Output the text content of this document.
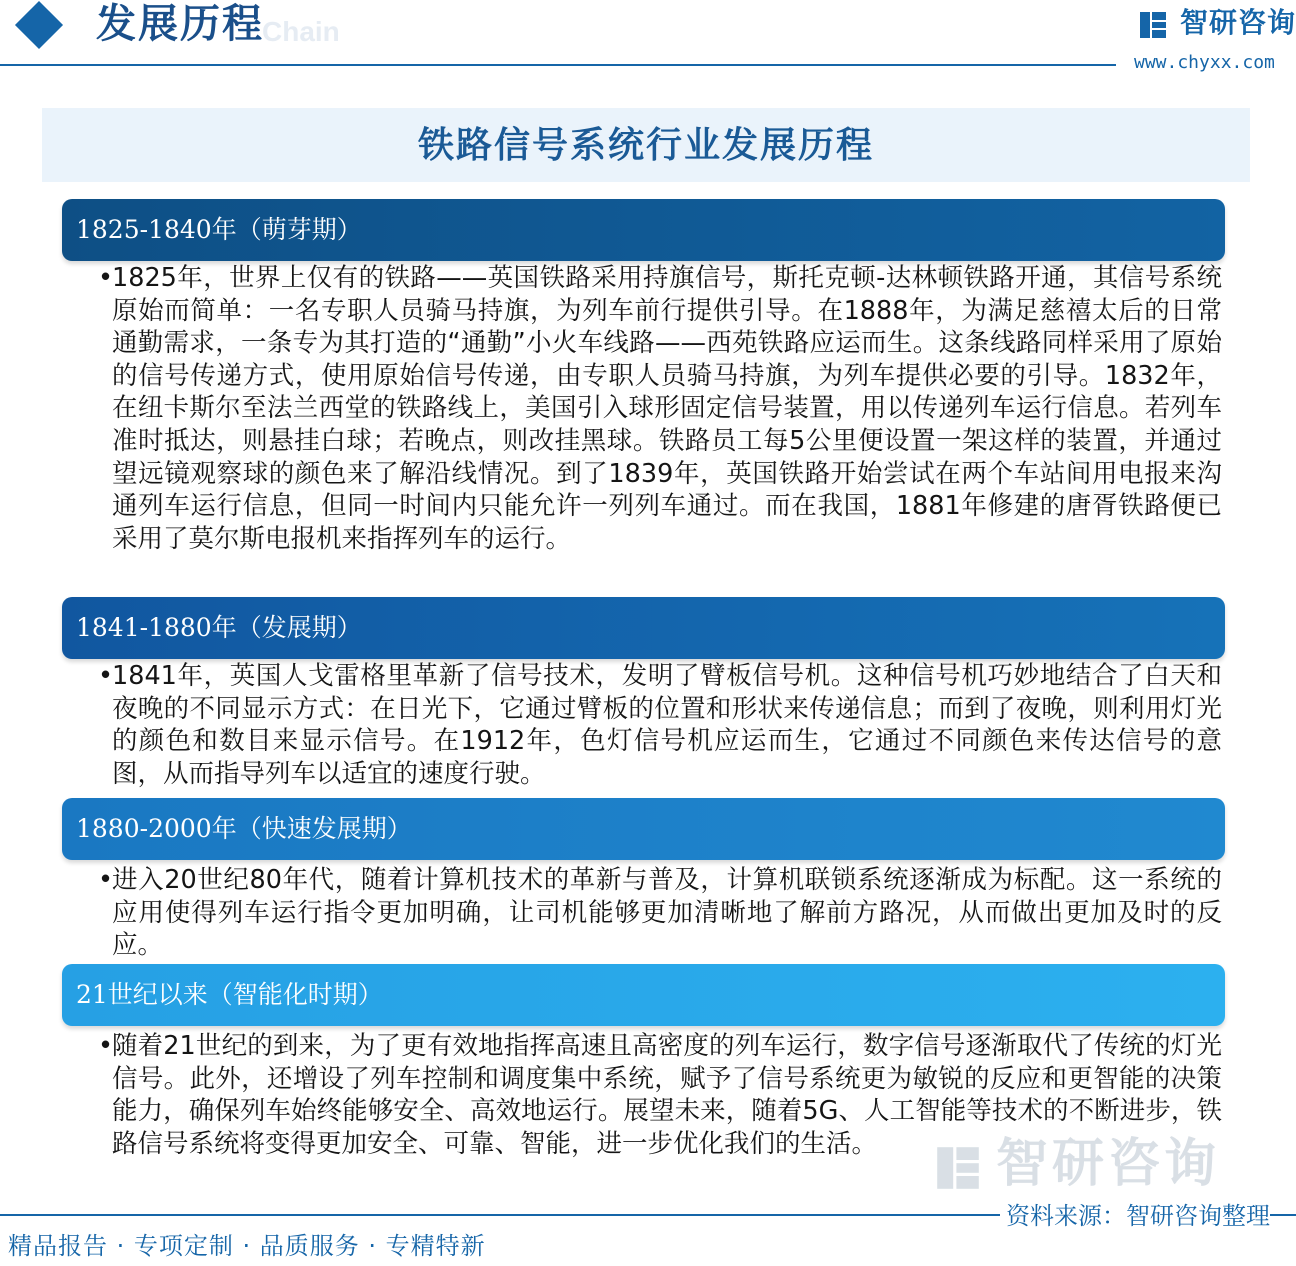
Chain
发展历程	智研咨询
www.chyxx.com
铁路信号系统行业发展历程
1825-1840年（萌芽期）
•
1825年，世界上仅有的铁路——英国铁路采用持旗信号，斯托克顿-达林顿铁路开通，其信号系统原始而简单：一名专职人员骑马持旗，为列车前行提供引导。在1888年，为满足慈禧太后的日常通勤需求，一条专为其打造的“通勤”小火车线路——西苑铁路应运而生。这条线路同样采用了原始的信号传递方式，使用原始信号传递，由专职人员骑马持旗，为列车提供必要的引导。1832年，在纽卡斯尔至法兰西堂的铁路线上，美国引入球形固定信号装置，用以传递列车运行信息。若列车准时抵达，则悬挂白球；若晚点，则改挂黑球。铁路员工每5公里便设置一架这样的装置，并通过望远镜观察球的颜色来了解沿线情况。到了1839年，英国铁路开始尝试在两个车站间用电报来沟通列车运行信息，但同一时间内只能允许一列列车通过。而在我国，1881年修建的唐胥铁路便已采用了莫尔斯电报机来指挥列车的运行。
1841-1880年（发展期）
•
1841年，英国人戈雷格里革新了信号技术，发明了臂板信号机。这种信号机巧妙地结合了白天和夜晚的不同显示方式：在日光下，它通过臂板的位置和形状来传递信息；而到了夜晚，则利用灯光的颜色和数目来显示信号。在1912年，色灯信号机应运而生，它通过不同颜色来传达信号的意图，从而指导列车以适宜的速度行驶。
1880-2000年（快速发展期）
•
进入20世纪80年代，随着计算机技术的革新与普及，计算机联锁系统逐渐成为标配。这一系统的应用使得列车运行指令更加明确，让司机能够更加清晰地了解前方路况，从而做出更加及时的反应。
21世纪以来（智能化时期）
•
随着21世纪的到来，为了更有效地指挥高速且高密度的列车运行，数字信号逐渐取代了传统的灯光信号。此外，还增设了列车控制和调度集中系统，赋予了信号系统更为敏锐的反应和更智能的决策能力，确保列车始终能够安全、高效地运行。展望未来，随着5G、人工智能等技术的不断进步，铁路信号系统将变得更加安全、可靠、智能，进一步优化我们的生活。	智研咨询
资料来源：智研咨询整理
精品报告 · 专项定制 · 品质服务 · 专精特新
